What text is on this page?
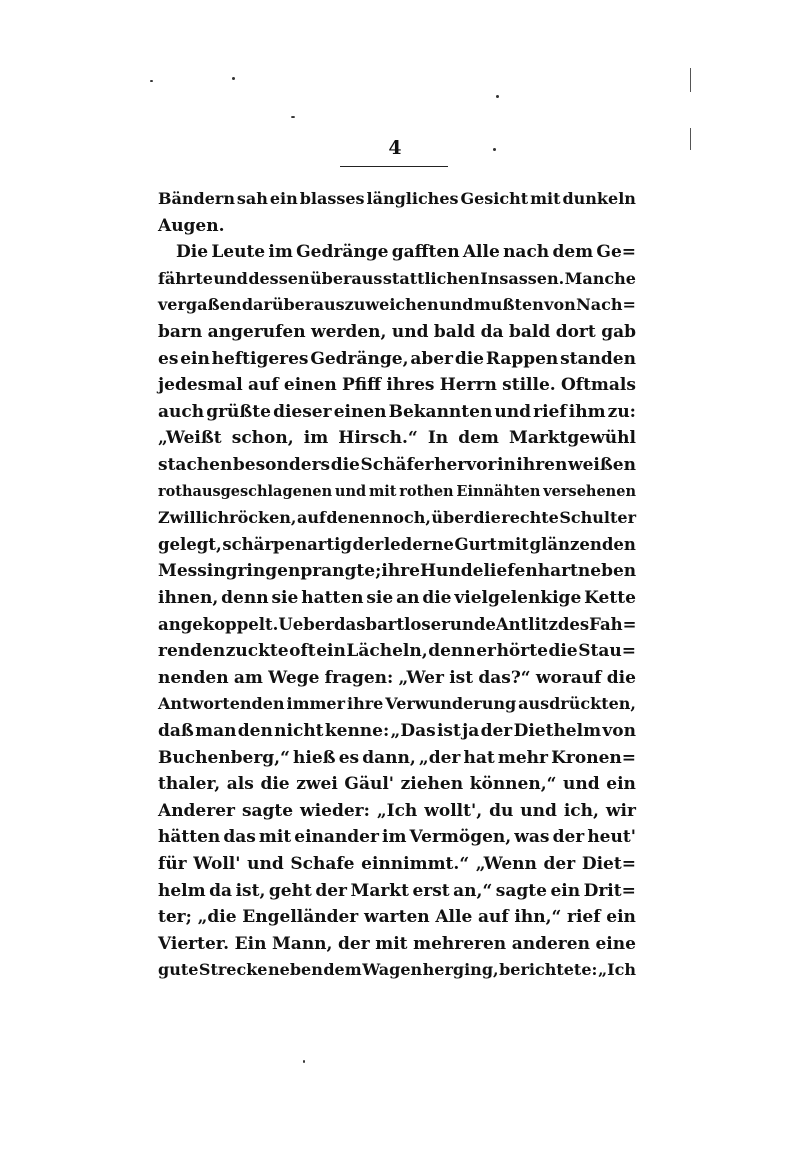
4
Bändern sah ein blasses längliches Gesicht mit dunkeln
Augen.
Die Leute im Gedränge gafften Alle nach dem Ge=
fährte und dessen überaus stattlichen Insassen. Manche
vergaßen darüber auszuweichen und mußten von Nach=
barn angerufen werden, und bald da bald dort gab
es ein heftigeres Gedränge, aber die Rappen standen
jedesmal auf einen Pfiff ihres Herrn stille. Oftmals
auch grüßte dieser einen Bekannten und rief ihm zu:
„Weißt schon, im Hirsch.“ In dem Marktgewühl
stachen besonders die Schäfer hervor in ihren weißen
rothausgeschlagenen und mit rothen Einnähten versehenen
Zwillichröcken, auf denen noch, über die rechte Schulter
gelegt, schärpenartig der lederne Gurt mit glänzenden
Messingringen prangte; ihre Hunde liefen hart neben
ihnen, denn sie hatten sie an die vielgelenkige Kette
angekoppelt. Ueber das bartlose runde Antlitz des Fah=
renden zuckte oft ein Lächeln, denn er hörte die Stau=
nenden am Wege fragen: „Wer ist das?“ worauf die
Antwortenden immer ihre Verwunderung ausdrückten,
daß man den nicht kenne: „Das ist ja der Diethelm von
Buchenberg,“ hieß es dann, „der hat mehr Kronen=
thaler, als die zwei Gäul' ziehen können,“ und ein
Anderer sagte wieder: „Ich wollt', du und ich, wir
hätten das mit einander im Vermögen, was der heut'
für Woll' und Schafe einnimmt.“ „Wenn der Diet=
helm da ist, geht der Markt erst an,“ sagte ein Drit=
ter; „die Engelländer warten Alle auf ihn,“ rief ein
Vierter. Ein Mann, der mit mehreren anderen eine
gute Strecke neben dem Wagen herging, berichtete: „Ich
